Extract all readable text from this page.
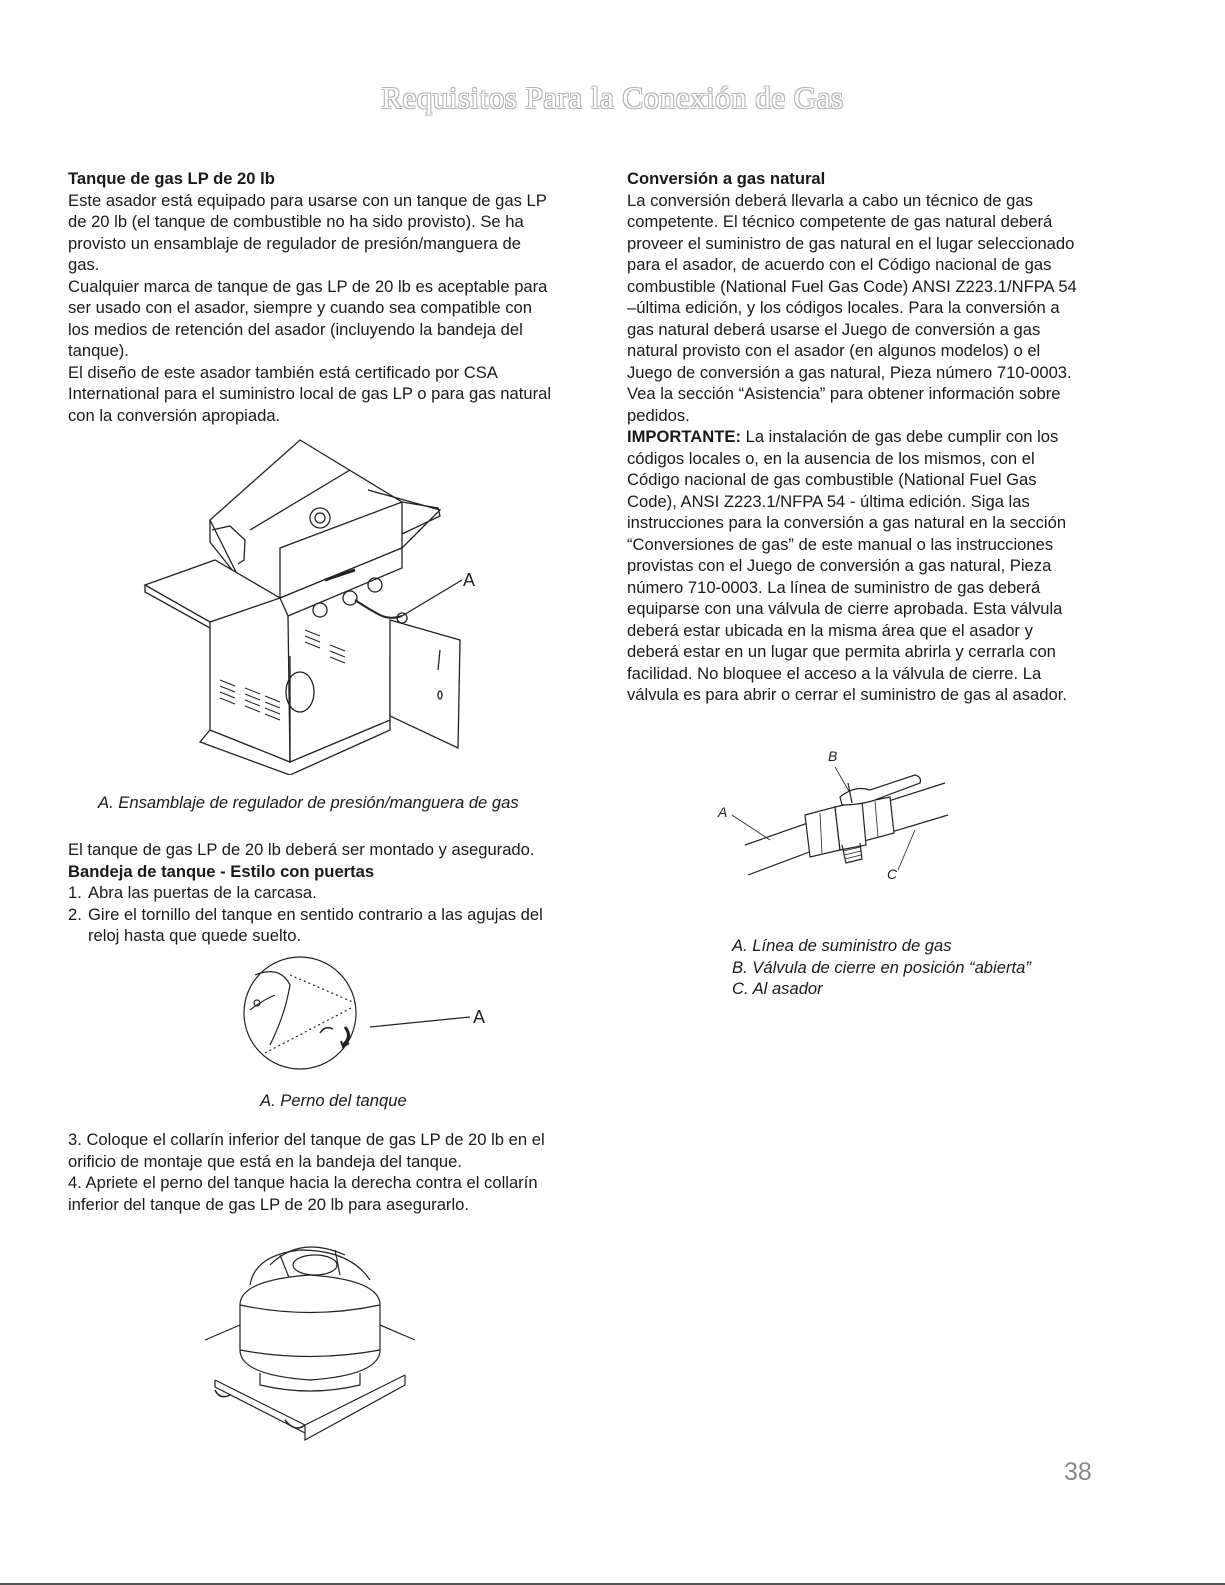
Requisitos Para la Conexión de Gas

Tanque de gas LP de 20 lb

Este asador está equipado para usarse con un tanque de gas LP

de 20 lb (el tanque de combustible no ha sido provisto). Se ha

provisto un ensamblaje de regulador de presión/manguera de

gas.

Cualquier marca de tanque de gas LP de 20 lb es aceptable para

ser usado con el asador, siempre y cuando sea compatible con

los medios de retención del asador (incluyendo la bandeja del

tanque).

El diseño de este asador también está certificado por CSA

International para el suministro local de gas LP o para gas natural

con la conversión apropiada.

A
A. Ensamblaje de regulador de presión/manguera de gas

El tanque de gas LP de 20 lb deberá ser montado y asegurado.

Bandeja de tanque - Estilo con puertas

1. Abra las puertas de la carcasa.

2. Gire el tornillo del tanque en sentido contrario a las agujas del

reloj hasta que quede suelto.

A
A. Perno del tanque

3. Coloque el collarín inferior del tanque de gas LP de 20 lb en el

orificio de montaje que está en la bandeja del tanque.

4. Apriete el perno del tanque hacia la derecha contra el collarín

inferior del tanque de gas LP de 20 lb para asegurarlo.

Conversión a gas natural

La conversión deberá llevarla a cabo un técnico de gas

competente. El técnico competente de gas natural deberá

proveer el suministro de gas natural en el lugar seleccionado

para el asador, de acuerdo con el Código nacional de gas

combustible (National Fuel Gas Code) ANSI Z223.1/NFPA 54

–última edición, y los códigos locales. Para la conversión a

gas natural deberá usarse el Juego de conversión a gas

natural provisto con el asador (en algunos modelos) o el

Juego de conversión a gas natural, Pieza número 710-0003.

Vea la sección “Asistencia” para obtener información sobre

pedidos.

IMPORTANTE: La instalación de gas debe cumplir con los

códigos locales o, en la ausencia de los mismos, con el

Código nacional de gas combustible (National Fuel Gas

Code), ANSI Z223.1/NFPA 54 - última edición. Siga las

instrucciones para la conversión a gas natural en la sección

“Conversiones de gas” de este manual o las instrucciones

provistas con el Juego de conversión a gas natural, Pieza

número 710-0003. La línea de suministro de gas deberá

equiparse con una válvula de cierre aprobada. Esta válvula

deberá estar ubicada en la misma área que el asador y

deberá estar en un lugar que permita abrirla y cerrarla con

facilidad. No bloquee el acceso a la válvula de cierre. La

válvula es para abrir o cerrar el suministro de gas al asador.

B
A
C
A. Línea de suministro de gas
B. Válvula de cierre en posición “abierta”
C. Al asador
38
